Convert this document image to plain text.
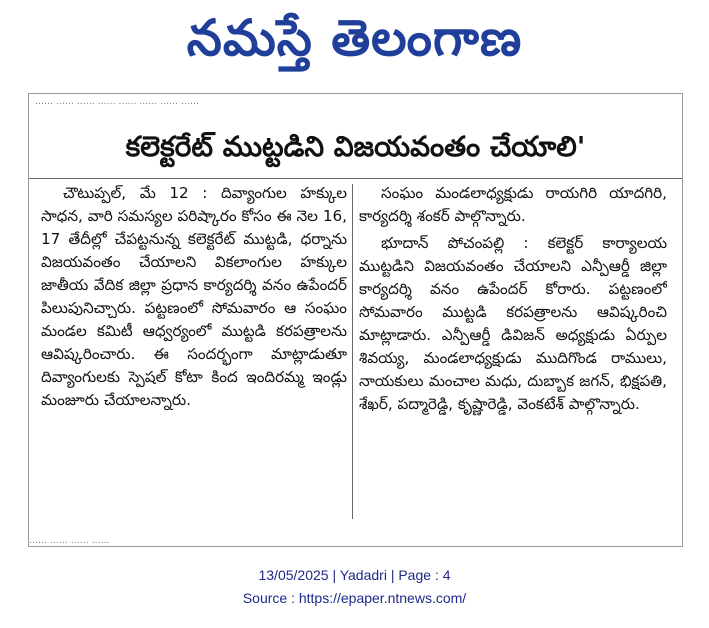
నమస్తే తెలంగాణ
…… …… …… …… …… …… …… ……
కలెక్టరేట్ ముట్టడిని విజయవంతం చేయాలి'

చౌటుప్పల్, మే 12 : దివ్యాంగుల హక్కుల సాధన, వారి సమస్యల పరిష్కారం కోసం ఈ నెల 16, 17 తేదీల్లో చేపట్టనున్న కలెక్టరేట్ ముట్టడి, ధర్నాను విజయవంతం చేయాలని వికలాంగుల హక్కుల జాతీయ వేదిక జిల్లా ప్రధాన కార్యదర్శి వనం ఉపేందర్ పిలుపునిచ్చారు. పట్టణంలో సోమవారం ఆ సంఘం మండల కమిటీ ఆధ్వర్యంలో ముట్టడి కరపత్రాలను ఆవిష్కరించారు. ఈ సందర్భంగా మాట్లాడుతూ దివ్యాంగులకు స్పెషల్ కోటా కింద ఇందిరమ్మ ఇండ్లు మంజూరు చేయాలన్నారు.

సంఘం మండలాధ్యక్షుడు రాయగిరి యాదగిరి, కార్యదర్శి శంకర్ పాల్గొన్నారు.

భూదాన్ పోచంపల్లి : కలెక్టర్ కార్యాలయ ముట్టడిని విజయవంతం చేయాలని ఎన్పీఆర్డీ జిల్లా కార్యదర్శి వనం ఉపేందర్ కోరారు. పట్టణంలో సోమవారం ముట్టడి కరపత్రాలను ఆవిష్కరించి మాట్లాడారు. ఎన్పీఆర్డీ డివిజన్ అధ్యక్షుడు ఏర్పుల శివయ్య, మండలాధ్యక్షుడు ముదిగొండ రాములు, నాయకులు మంచాల మధు, దుబ్బాక జగన్, భిక్షపతి, శేఖర్, పద్మారెడ్డి, కృష్ణారెడ్డి, వెంకటేశ్ పాల్గొన్నారు.

…… …… …… ……
13/05/2025 | Yadadri | Page : 4
Source : https://epaper.ntnews.com/
